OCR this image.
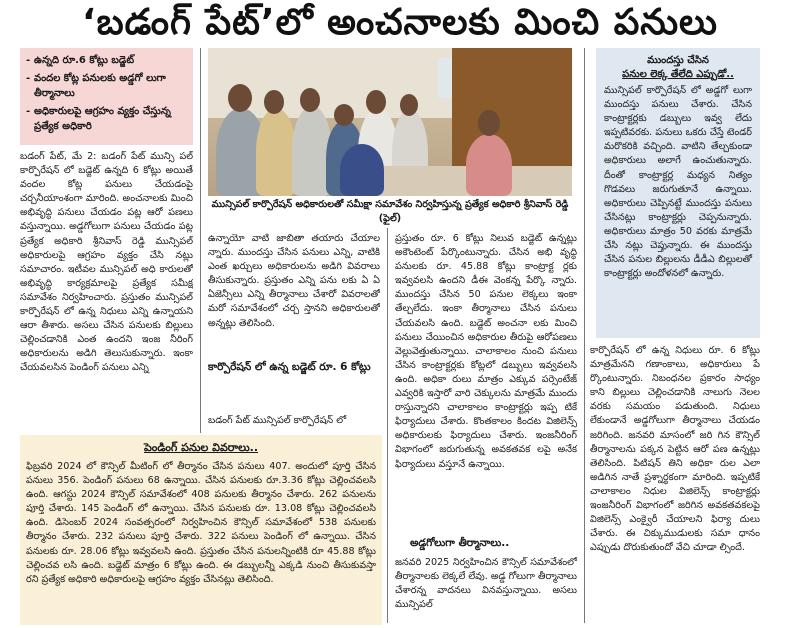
‘బడంగ్ పేట్’లో అంచనాలకు మించి పనులు
- ఉన్నది రూ.6 కోట్లు బడ్జెట్
- వందల కోట్ల పనులకు అడ్డగో లుగా తీర్మానాలు
- అధికారులపై ఆగ్రహం వ్యక్తం చేస్తున్న ప్రత్యేక అధికారి
మున్సిపల్ కార్పొరేషన్ అధికారులతో సమీక్షా సమావేశం నిర్వహిస్తున్న ప్రత్యేక అధికారి శ్రీనివాస్ రెడ్డి (ఫైల్)
ముందస్తు చేసిన
పనుల లెక్క తేలేది ఎప్పుడో..
మున్సిపల్ కార్పొరేషన్ లో అడ్డగో లుగా ముందస్తు పనులు చేశారు. చేసిన కాంట్రాక్టర్లకు డబ్బులు ఇవ్వ లేదు ఇప్పటివరకు. పనులు ఒకరు చేస్తే టెండర్ మరొకరికి వచ్చింది. వాటిని తేల్చకుండా అధికారులు అలాగే ఉంచుతున్నారు. దీంతో కాంట్రాక్టర్ల మధ్యన నిత్యం గొడవలు జరుగుతూనే ఉన్నాయి. అధికారులు చెప్పినట్టే ముందస్తు పనులు చేసినట్లు కాంట్రాక్టర్లు చెప్పనున్నారు. అధికారులు మాత్రం 50 వరకు మాత్రమే చేసి నట్లు చెప్తున్నారు. ఈ ముందస్తు చేసిన పనుల బిల్లులను డీడీఎ బిల్లులతో కాంట్రాక్టర్లు అందోళనలో ఉన్నారు.
బడంగ్ పేట్, మే 2: బడంగ్ పేట్ మున్సి పల్ కార్పొరేషన్ లో బడ్జెట్ ఉన్నది 6 కోట్లు అయితే వందల కోట్ల పనులు చేయడంపై చర్చనీయాంశంగా మారింది. అంచనాలకు మించి అభివృద్ధి పనులు చేయడం పట్ల ఆరో పణలు వస్తున్నాయి. అడ్డగోలుగా పనులు చేయడం పట్ల ప్రత్యేక అధికారి శ్రీనివాస్ రెడ్డి మున్సిపల్ అధికారులపై ఆగ్రహం వ్యక్తం చేసి నట్లు సమాచారం. ఇటీవల మున్సిపల్ అధి కారులతో అభివృద్ధి కార్యక్రమాలపై ప్రత్యేక సమీక్ష సమావేశం నిర్వహించారు. ప్రస్తుతం మున్సిపల్ కార్పొరేషన్ లో ఉన్న నిధులు ఎన్ని ఉన్నాయని ఆరా తీశారు. అసలు చేసిన పనులకు బిల్లులు చెల్లించడానికి ఎంత ఉందని ఇంజ నీరింగ్ అధికారులను అడిగి తెలుసుకున్నారు. ఇంకా చేయవలసిన పెండింగ్ పనులు ఎన్ని
ఉన్నాయో వాటి జాబితా తయారు చేయాల న్నారు. ముందస్తు చేసిన పనులు ఎన్ని, వాటికి ఎంత ఖర్చులు అధికారులను అడిగి వివరాలు తీసుకున్నారు. ప్రస్తుతం ఎన్ని పను లకు ఏ ఏ ఏజెన్సీలు ఎన్ని తీర్మానాలు చేశారో వివరాలతో మరో సమావేశంలో చర్చ స్తానని అధికారులతో అన్నట్లు తెలిసింది.
కార్పొరేషన్ లో ఉన్న బడ్జెట్ రూ. 6 కోట్లు
బడంగ్ పేట్ మున్సిపల్ కార్పొరేషన్ లో
ప్రస్తుతం రూ. 6 కోట్లు నిలువ బడ్జెట్ ఉన్నట్లు అకౌంటెంట్ పేర్కొంటున్నారు. చేసిన అభి వృద్ధి పనులకు రూ. 45.88 కోట్లు కాంట్రాక్ట ర్లకు ఇవ్వవలసి ఉందని డీఈ వెంకన్న పేర్కొ న్నారు. ముందస్తు చేసిన 50 పనుల లెక్కలు ఇంకా తేల్చలేదు. ఇంకా తీర్మానాలు చేసిన పనులు చేయవలసి ఉంది. బడ్జెట్ అంచనా లకు మించి పనులు చేయించిన అధికారుల తీరుపై ఆరోపణలు వెల్లువెత్తుతున్నాయి. చాలాకాలం నుంచి పనులు చేసిన కాంట్రాక్టర్లకు కోట్లలో డబ్బులు ఇవ్వవలసి ఉంది. అధికా రులు మాత్రం ఎక్కువ పర్సెంటేజ్ ఎవ్వరికి ఇస్తారో వారి చెక్కులను మాత్రమే ముందు రాస్తున్నారని చాలాకాలం కాంట్రాక్టర్లు ఇప్ప టికే ఫిర్యాదులు చేశారు. కొంతకాలం కిందట విజిలెన్స్ అధికారులకు ఫిర్యాదులు చేశారు. ఇంజనీరింగ్ విభాగంలో జరుగుతున్న అవకతవక లపై అనేక ఫిర్యాదులు వస్తూనే ఉన్నాయి.
అడ్డగోలుగా తీర్మానాలు..
జనవరి 2025 నిర్వహించిన కౌన్సిల్ సమావేశంలో తీర్మానాలకు లెక్కలే లేవు. అడ్డ గోలుగా తీర్మానాలు చేశారన్న వాదనలు వినవస్తున్నాయి. అసలు మున్సిపల్
కార్పొరేషన్ లో ఉన్న నిధులు రూ. 6 కోట్లు మాత్రమేనని గణాంకాలు, అధికారులు పే ర్కొంటున్నారు. నిబంధనల ప్రకారం సాధ్యం కాని బిల్లులు చెల్లించడానికి నాలుగు నెలల వరకు సమయం పడుతుంది. నిధులు లేకుండానే అడ్డగోలుగా తీర్మానాలు చేయడం జరిగింది. జనవరి మాసంలో జరి గిన కౌన్సిల్ తీర్మానాలను పక్కన పెట్టిన ఆరో పణ ఉన్నట్లు తెలిసింది. పిటిషన్ తిని అధికా రుల ఎలా అడిగిన నాతే ప్రశ్నార్థకంగా మారింది. ఇప్పటికే చాలాకాలం నిధుల విజిలెన్స్ కాంట్రాక్టర్లు ఇంజనీరింగ్ విభాగంలో జరిగిన అవకతవకలపై విజిలెన్స్ ఎంక్వైరీ చేయాలని ఫిర్యా దులు చేశారు. ఈ చిక్కుముడులకు సమా ధానం ఎప్పుడు దొరుకుతుందో వేచి చూడా ల్సిందే.
పెండింగ్ పనుల వివరాలు..
ఫిబ్రవరి 2024 లో కౌన్సిల్ మీటింగ్ లో తీర్మానం చేసిన పనులు 407. అందులో పూర్తి చేసిన పనులు 356. పెండింగ్ పనులు 68 ఉన్నాయి. చేసిన పనులకు రూ.3.36 కోట్లు చెల్లించవలసి ఉంది. ఆగస్టు 2024 కౌన్సిల్ సమావేశంలో 408 పనులకు తీర్మానం చేశారు. 262 పనులను పూర్తి చేశారు. 145 పెండింగ్ లో ఉన్నాయి. చేసిన పనులకు రూ. 13.08 కోట్లు చెల్లించవలసి ఉంది. డిసెంబర్ 2024 సంవత్సరంలో నిర్వహించిన కౌన్సిల్ సమావేశంలో 538 పనులకు తీర్మానం చేశారు. 232 పనులు పూర్తి చేశారు. 322 పనులు పెండింగ్ లో ఉన్నాయి. చేసిన పనులకు రూ. 28.06 కోట్లు ఇవ్వవలసి ఉంది. ప్రస్తుతం చేసిన పనులన్నింటికి రూ 45.88 కోట్లు చెల్లించవ లసి ఉంది. బడ్జెట్ మాత్రం 6 కోట్లు ఉంది. ఈ డబ్బులన్నీ ఎక్కడి నుంచి తీసుకువస్తా రని ప్రత్యేక అధికారి అధికారులపై ఆగ్రహం వ్యక్తం చేసినట్లు తెలిసింది.
